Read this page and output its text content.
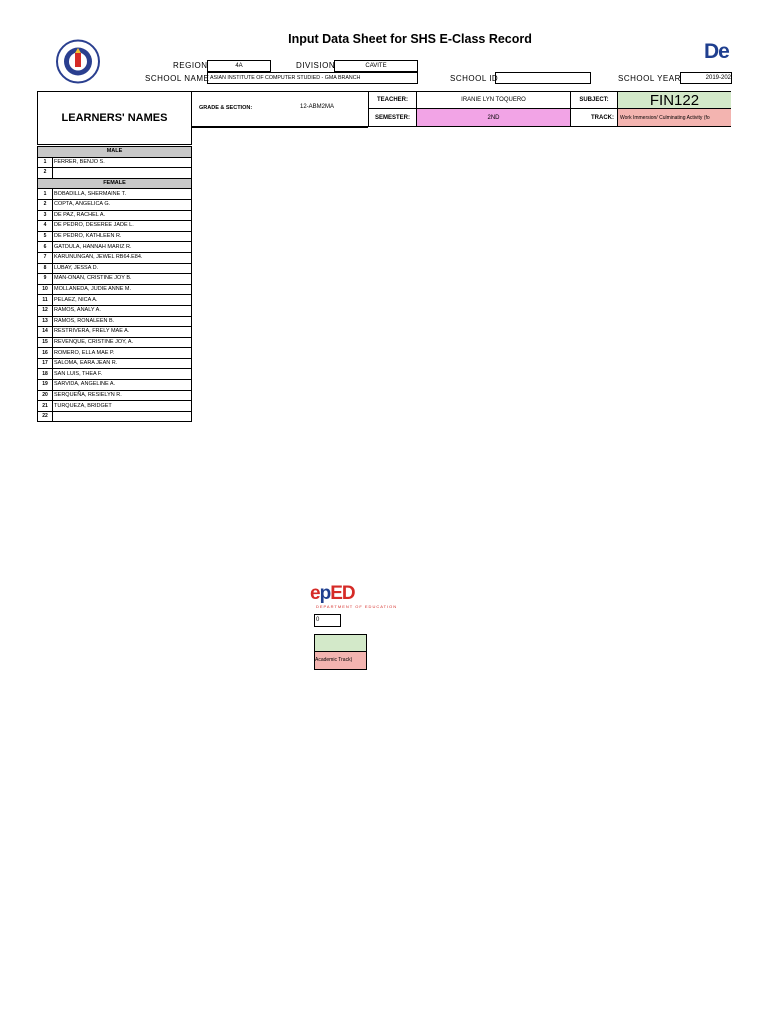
Input Data Sheet for SHS E-Class Record
REGION	4A	DIVISION	CAVITE
SCHOOL NAME ASIAN INSTITUTE OF COMPUTER STUDIED - GMA BRANCH	SCHOOL ID	SCHOOL YEAR	2019-202
De
LEARNERS' NAMES
GRADE & SECTION:	12-ABM2MA
TEACHER:	IRANIE LYN TOQUERO	SUBJECT:	FIN122
SEMESTER:	2ND	TRACK:	Work Immersion/ Culminating Activity (fo
MALE	
1	FERRER, BENJO S.
2	
FEMALE	
1	BOBADILLA, SHERMAINE T.
2	COPTA, ANGELICA G.
3	DE PAZ, RACHEL A.
4	DE PEDRO, DESEREE JADE L.
5	DE PEDRO, KATHLEEN R.
6	GATDULA, HANNAH MARIZ R.
7	KARUNUNGAN, JEWEL RB64.E84.
8	LUBAY, JESSA D.
9	MAN-ONAN, CRISTINE JOY B.
10	MOLLANEDA, JUDIE ANNE M.
11	PELAEZ, NICA A.
12	RAMOS, ANALY A.
13	RAMOS, RONALEEN B.
14	RESTRIVERA, FRELY MAE A.
15	REVENQUE, CRISTINE JOY, A.
16	ROMERO, ELLA MAE P.
17	SALOMA, EARA JEAN R.
18	SAN LUIS, THEA F.
19	SARVIDA, ANGELINE A.
20	SERQUEÑA, RESIELYN R.
21	TURQUEZA, BRIDGET
22	
epED
DEPARTMENT OF EDUCATION
0
Academic Track)
